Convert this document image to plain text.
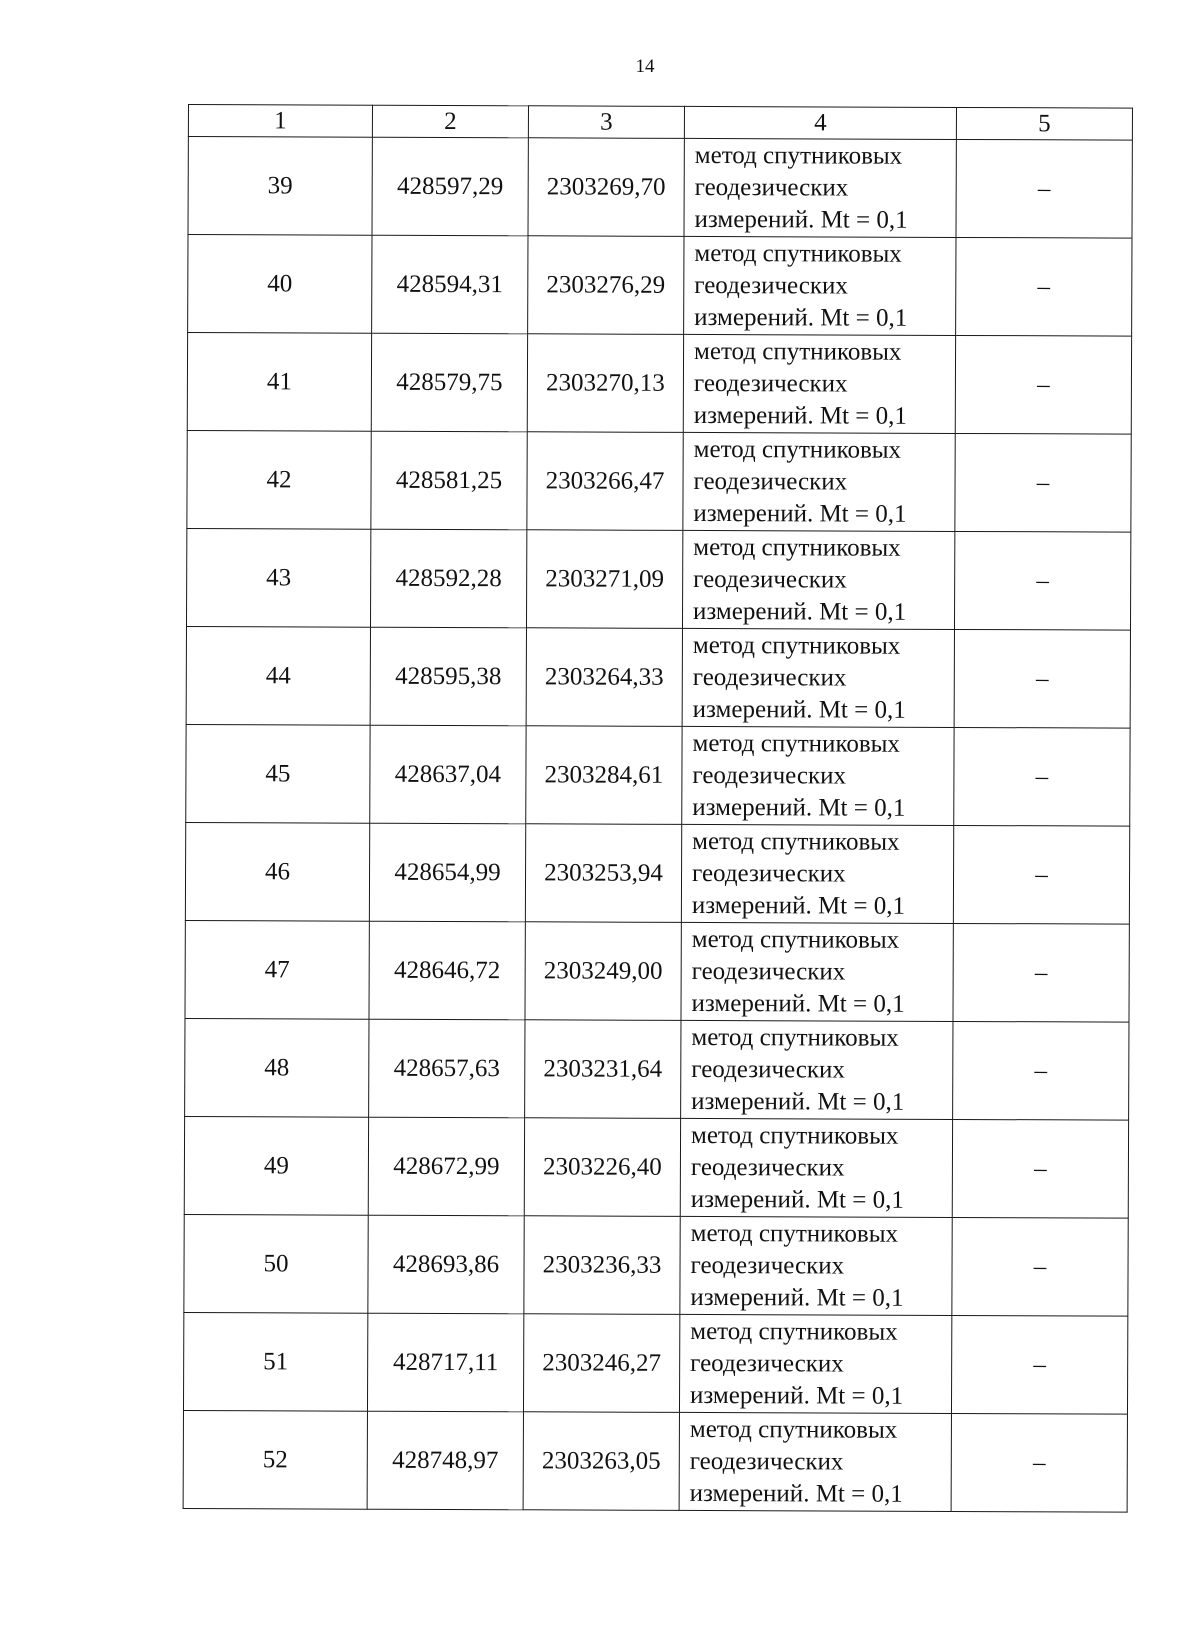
14
1	2	3	4	5
39	428597,29	2303269,70	метод спутниковых
геодезических
измерений. Mt = 0,1	–
40	428594,31	2303276,29	метод спутниковых
геодезических
измерений. Mt = 0,1	–
41	428579,75	2303270,13	метод спутниковых
геодезических
измерений. Mt = 0,1	–
42	428581,25	2303266,47	метод спутниковых
геодезических
измерений. Mt = 0,1	–
43	428592,28	2303271,09	метод спутниковых
геодезических
измерений. Mt = 0,1	–
44	428595,38	2303264,33	метод спутниковых
геодезических
измерений. Mt = 0,1	–
45	428637,04	2303284,61	метод спутниковых
геодезических
измерений. Mt = 0,1	–
46	428654,99	2303253,94	метод спутниковых
геодезических
измерений. Mt = 0,1	–
47	428646,72	2303249,00	метод спутниковых
геодезических
измерений. Mt = 0,1	–
48	428657,63	2303231,64	метод спутниковых
геодезических
измерений. Mt = 0,1	–
49	428672,99	2303226,40	метод спутниковых
геодезических
измерений. Mt = 0,1	–
50	428693,86	2303236,33	метод спутниковых
геодезических
измерений. Mt = 0,1	–
51	428717,11	2303246,27	метод спутниковых
геодезических
измерений. Mt = 0,1	–
52	428748,97	2303263,05	метод спутниковых
геодезических
измерений. Mt = 0,1	–
